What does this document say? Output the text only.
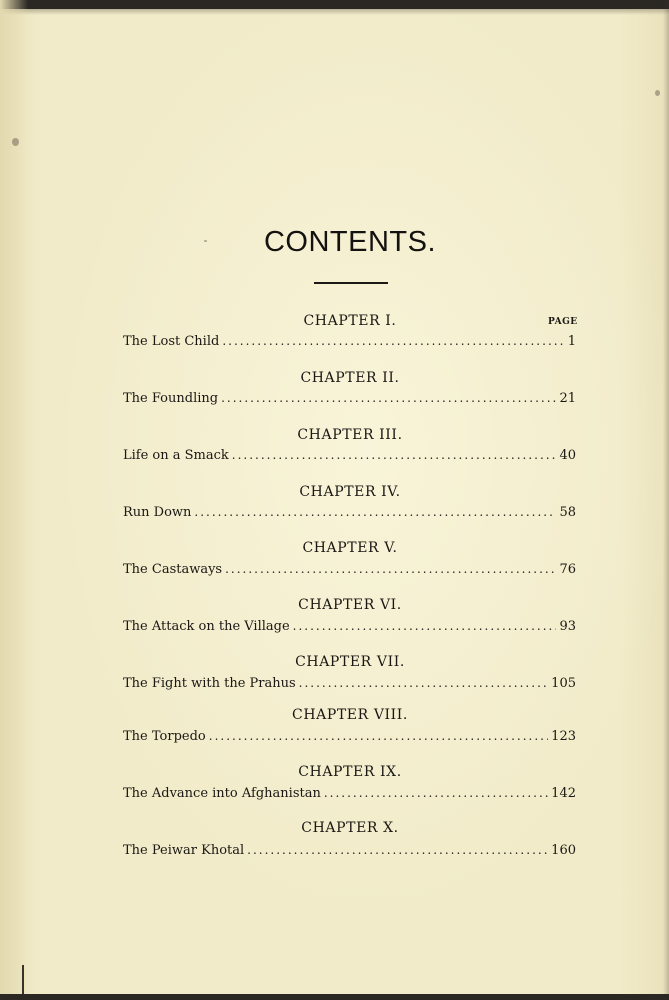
CONTENTS.
PAGE
CHAPTER I.
The Lost Child .....	1
CHAPTER II.
The Foundling .....	21
CHAPTER III.
Life on a Smack .....	40
CHAPTER IV.
Run Down .....	58
CHAPTER V.
The Castaways .....	76
CHAPTER VI.
The Attack on the Village .....	93
CHAPTER VII.
The Fight with the Prahus .....	105
CHAPTER VIII.
The Torpedo .....	123
CHAPTER IX.
The Advance into Afghanistan .....	142
CHAPTER X.
The Peiwar Khotal .....	160
